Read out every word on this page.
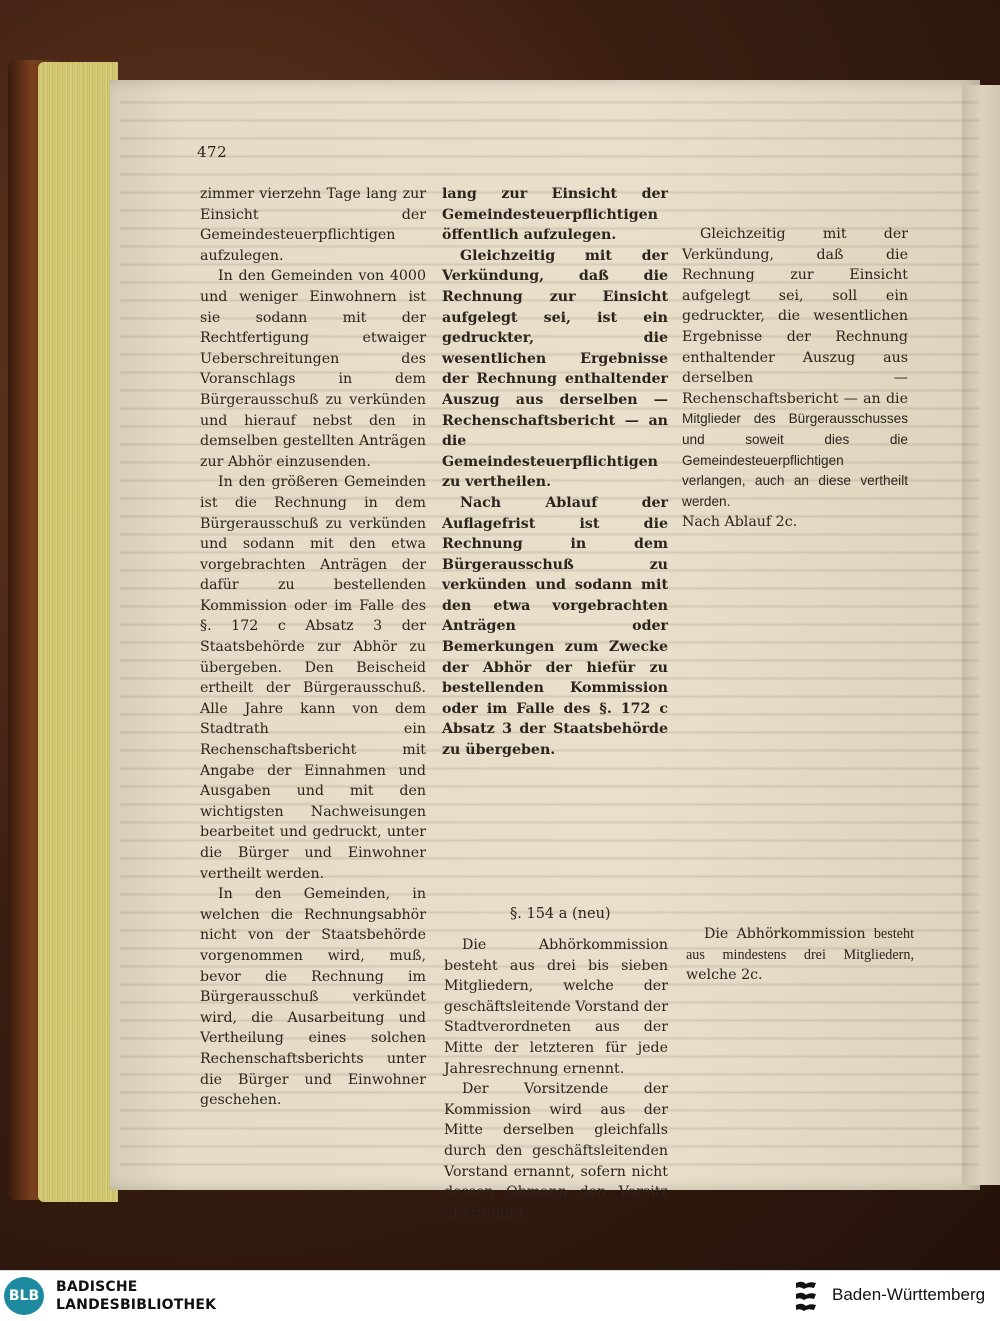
472

zimmer vierzehn Tage lang zur Einsicht der Gemeindesteuerpflichtigen aufzulegen.

In den Gemeinden von 4000 und weniger Einwohnern ist sie sodann mit der Rechtfertigung etwaiger Ueberschreitungen des Voranschlags in dem Bürgerausschuß zu verkünden und hierauf nebst den in demselben gestellten Anträgen zur Abhör einzusenden.

In den größeren Gemeinden ist die Rechnung in dem Bürgerausschuß zu verkünden und sodann mit den etwa vorgebrachten Anträgen der dafür zu bestellenden Kommission oder im Falle des §. 172 c Absatz 3 der Staatsbehörde zur Abhör zu übergeben. Den Beischeid ertheilt der Bürgerausschuß. Alle Jahre kann von dem Stadtrath ein Rechenschaftsbericht mit Angabe der Einnahmen und Ausgaben und mit den wichtigsten Nachweisungen bearbeitet und gedruckt, unter die Bürger und Einwohner vertheilt werden.

In den Gemeinden, in welchen die Rechnungsabhör nicht von der Staatsbehörde vorgenommen wird, muß, bevor die Rechnung im Bürgerausschuß verkündet wird, die Ausarbeitung und Vertheilung eines solchen Rechenschaftsberichts unter die Bürger und Einwohner geschehen.

lang zur Einsicht der Gemeindesteuerpflichtigen öffentlich aufzulegen.

Gleichzeitig mit der Verkündung, daß die Rechnung zur Einsicht aufgelegt sei, ist ein gedruckter, die wesentlichen Ergebnisse der Rechnung enthaltender Auszug aus derselben — Rechenschaftsbericht — an die Gemeindesteuerpflichtigen zu vertheilen.

Nach Ablauf der Auflagefrist ist die Rechnung in dem Bürgerausschuß zu verkünden und sodann mit den etwa vorgebrachten Anträgen oder Bemerkungen zum Zwecke der Abhör der hiefür zu bestellenden Kommission oder im Falle des §. 172 c Absatz 3 der Staatsbehörde zu übergeben.

Gleichzeitig mit der Verkündung, daß die Rechnung zur Einsicht aufgelegt sei, soll ein gedruckter, die wesentlichen Ergebnisse der Rechnung enthaltender Auszug aus derselben — Rechenschaftsbericht — an die Mitglieder des Bürgerausschusses und soweit dies die Gemeindesteuerpflichtigen verlangen, auch an diese vertheilt werden.

Nach Ablauf 2c.

§. 154 a (neu)

Die Abhörkommission besteht aus drei bis sieben Mitgliedern, welche der geschäftsleitende Vorstand der Stadtverordneten aus der Mitte der letzteren für jede Jahresrechnung ernennt.

Der Vorsitzende der Kommission wird aus der Mitte derselben gleichfalls durch den geschäftsleitenden Vorstand ernannt, sofern nicht dessen Obmann den Vorsitz übernimmt.

Die Abhörkommission besteht aus mindestens drei Mitgliedern, welche 2c.

BLB
BADISCHE
LANDESBIBLIOTHEK
Baden-Württemberg
